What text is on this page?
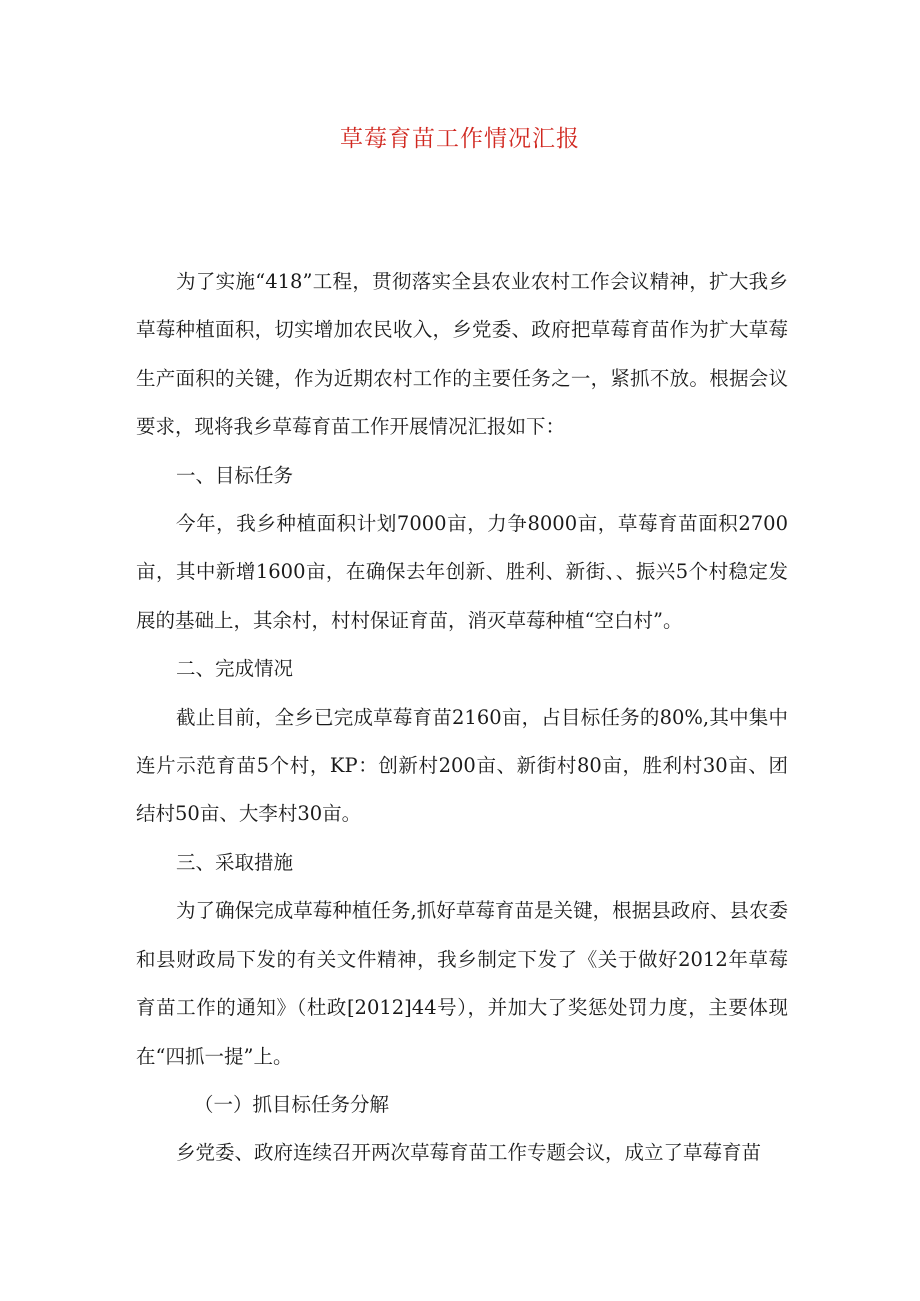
草莓育苗工作情况汇报

为了实施“418”工程，贯彻落实全县农业农村工作会议精神，扩大我乡草莓种植面积，切实增加农民收入，乡党委、政府把草莓育苗作为扩大草莓生产面积的关键，作为近期农村工作的主要任务之一，紧抓不放。根据会议要求，现将我乡草莓育苗工作开展情况汇报如下：

一、目标任务

今年，我乡种植面积计划7000亩，力争8000亩，草莓育苗面积2700亩，其中新增1600亩，在确保去年创新、胜利、新街、、振兴5个村稳定发展的基础上，其余村，村村保证育苗，消灭草莓种植“空白村”。

二、完成情况

截止目前，全乡已完成草莓育苗2160亩，占目标任务的80%,其中集中连片示范育苗5个村，KP：创新村200亩、新街村80亩，胜利村30亩、团结村50亩、大李村30亩。

三、采取措施

为了确保完成草莓种植任务,抓好草莓育苗是关键，根据县政府、县农委和县财政局下发的有关文件精神，我乡制定下发了《关于做好2012年草莓育苗工作的通知》（杜政[2012]44号），并加大了奖惩处罚力度，主要体现在“四抓一提”上。

（一）抓目标任务分解

乡党委、政府连续召开两次草莓育苗工作专题会议，成立了草莓育苗
